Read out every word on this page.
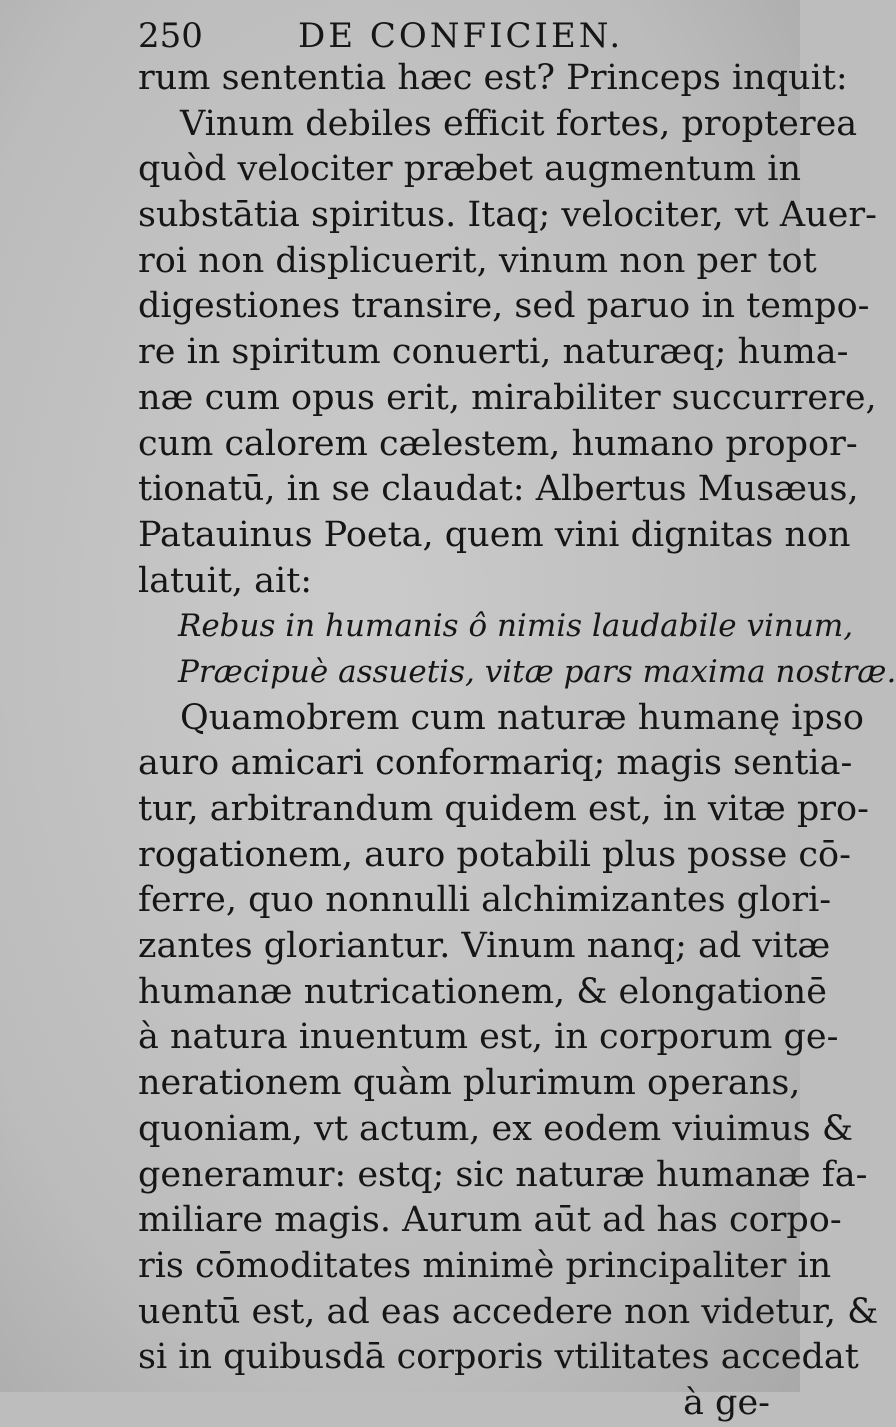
250	DE CONFICIEN.
rum sententia hæc est? Princeps inquit:
Vinum debiles efficit fortes, propterea
quòd velociter præbet augmentum in
substātia spiritus. Itaq; velociter, vt Auer-
roi non displicuerit, vinum non per tot
digestiones transire, sed paruo in tempo-
re in spiritum conuerti, naturæq; huma-
næ cum opus erit, mirabiliter succurrere,
cum calorem cælestem, humano propor-
tionatū, in se claudat: Albertus Musæus,
Patauinus Poeta, quem vini dignitas non
latuit, ait:
Rebus in humanis ô nimis laudabile vinum,
Præcipuè assuetis, vitæ pars maxima nostræ.
Quamobrem cum naturæ humanę ipso
auro amicari conformariq; magis sentia-
tur, arbitrandum quidem est, in vitæ pro-
rogationem, auro potabili plus posse cō-
ferre, quo nonnulli alchimizantes glori-
zantes gloriantur. Vinum nanq; ad vitæ
humanæ nutricationem, & elongationē
à natura inuentum est, in corporum ge-
nerationem quàm plurimum operans,
quoniam, vt actum, ex eodem viuimus &
generamur: estq; sic naturæ humanæ fa-
miliare magis. Aurum aūt ad has corpo-
ris cōmoditates minimè principaliter in
uentū est, ad eas accedere non videtur, &
si in quibusdā corporis vtilitates accedat
à ge-
